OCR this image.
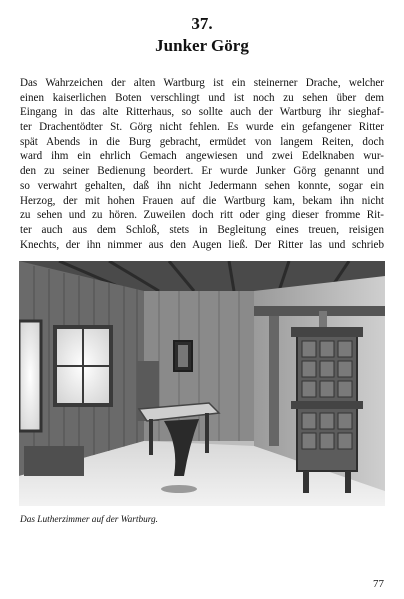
37.
Junker Görg
Das Wahrzeichen der alten Wartburg ist ein steinerner Drache, welcher
einen kaiserlichen Boten verschlingt und ist noch zu sehen über dem
Eingang in das alte Ritterhaus, so sollte auch der Wartburg ihr sieghaf-
ter Drachentödter St. Görg nicht fehlen. Es wurde ein gefangener Ritter
spät Abends in die Burg gebracht, ermüdet von langem Reiten, doch
ward ihm ein ehrlich Gemach angewiesen und zwei Edelknaben wur-
den zu seiner Bedienung beordert. Er wurde Junker Görg genannt und
so verwahrt gehalten, daß ihn nicht Jedermann sehen konnte, sogar ein
Herzog, der mit hohen Frauen auf die Wartburg kam, bekam ihn nicht
zu sehen und zu hören. Zuweilen doch ritt oder ging dieser fromme Rit-
ter auch aus dem Schloß, stets in Begleitung eines treuen, reisigen
Knechts, der ihn nimmer aus den Augen ließ. Der Ritter las und schrieb
Das Lutherzimmer auf der Wartburg.
77
